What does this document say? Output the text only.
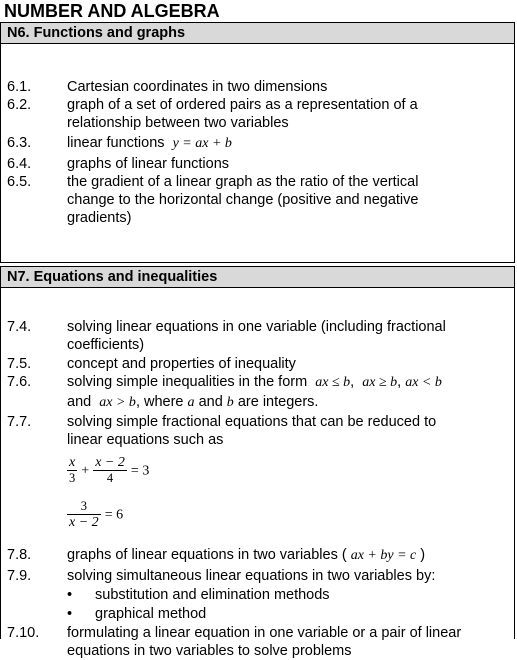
NUMBER AND ALGEBRA
N6. Functions and graphs
6.1. Cartesian coordinates in two dimensions
6.2. graph of a set of ordered pairs as a representation of a
relationship between two variables
6.3. linear functions y = ax + b
6.4. graphs of linear functions
6.5. the gradient of a linear graph as the ratio of the vertical
change to the horizontal change (positive and negative
gradients)
N7. Equations and inequalities
7.4. solving linear equations in one variable (including fractional
coefficients)
7.5. concept and properties of inequality
7.6. solving simple inequalities in the form ax ≤ b,  ax ≥ b, ax < b
and ax > b, where a and b are integers.
7.7. solving simple fractional equations that can be reduced to
linear equations such as
$\frac{x}{3} + \frac{x - 2}{4} = 3$
$\frac{3}{x - 2} = 6$
7.8. graphs of linear equations in two variables ( ax + by = c )
7.9. solving simultaneous linear equations in two variables by:
• substitution and elimination methods
• graphical method
7.10. formulating a linear equation in one variable or a pair of linear
equations in two variables to solve problems
